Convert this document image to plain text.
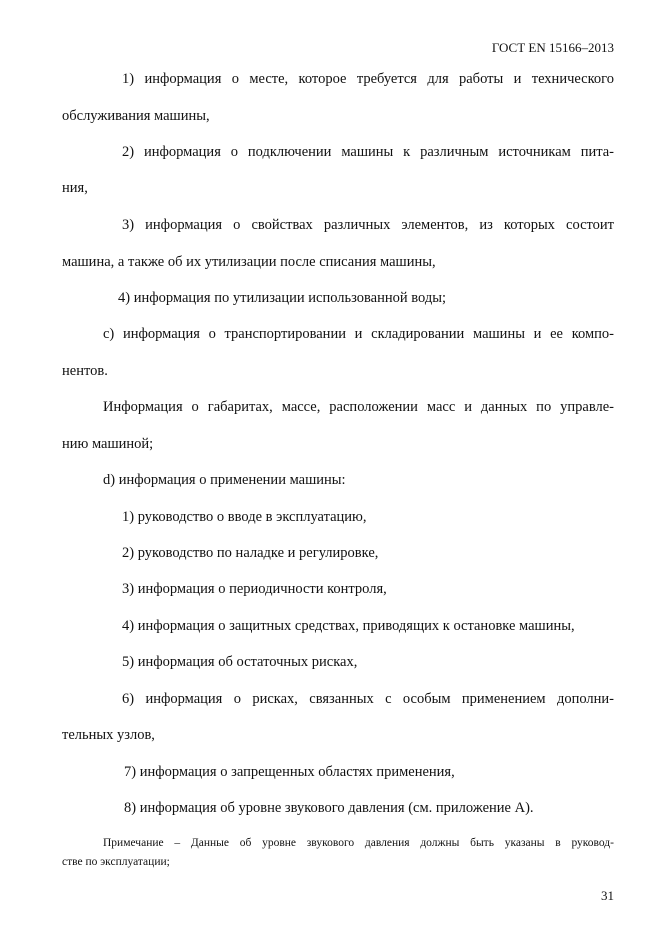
ГОСТ EN 15166–2013
1) информация о месте, которое требуется для работы и технического
обслуживания машины,
2) информация о подключении машины к различным источникам пита-
ния,
3) информация о свойствах различных элементов, из которых состоит
машина, а также об их утилизации после списания машины,
4) информация по утилизации использованной воды;
c) информация о транспортировании и складировании машины и ее компо-
нентов.
Информация о габаритах, массе, расположении масс и данных по управле-
нию машиной;
d) информация о применении машины:
1) руководство о вводе в эксплуатацию,
2) руководство по наладке и регулировке,
3) информация о периодичности контроля,
4) информация о защитных средствах, приводящих к остановке машины,
5) информация об остаточных рисках,
6) информация о рисках, связанных с особым применением дополни-
тельных узлов,
7) информация о запрещенных областях применения,
8) информация об уровне звукового давления (см. приложение А).
Примечание – Данные об уровне звукового давления должны быть указаны в руковод-
стве по эксплуатации;
31
